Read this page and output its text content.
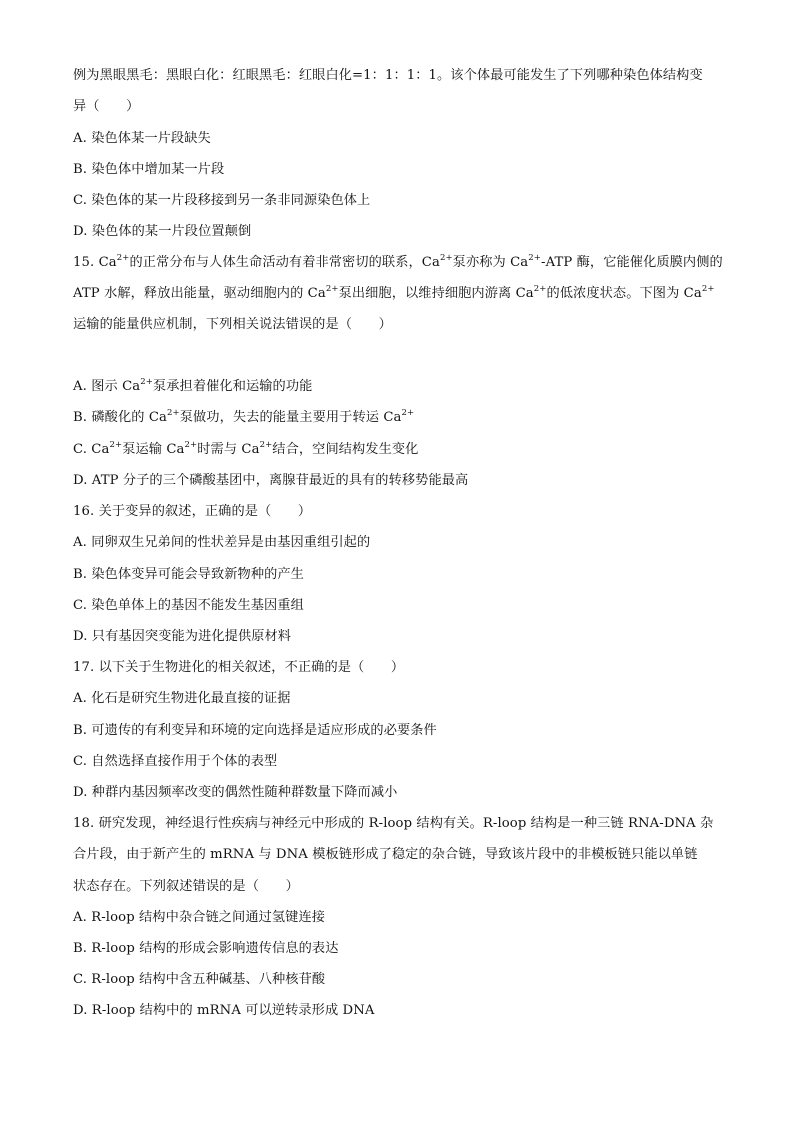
例为黑眼黑毛：黑眼白化：红眼黑毛：红眼白化=1：1：1：1。该个体最可能发生了下列哪种染色体结构变
异（　　）
A. 染色体某一片段缺失
B. 染色体中增加某一片段
C. 染色体的某一片段移接到另一条非同源染色体上
D. 染色体的某一片段位置颠倒
15. $Ca^{2+}$的正常分布与人体生命活动有着非常密切的联系，$Ca^{2+}$泵亦称为 $Ca^{2+}$-ATP 酶，它能催化质膜内侧的
ATP 水解，释放出能量，驱动细胞内的 $Ca^{2+}$泵出细胞，以维持细胞内游离 $Ca^{2+}$的低浓度状态。下图为 $Ca^{2+}$
运输的能量供应机制，下列相关说法错误的是（　　）
A. 图示 $Ca^{2+}$泵承担着催化和运输的功能
B. 磷酸化的 $Ca^{2+}$泵做功，失去的能量主要用于转运 $Ca^{2+}$
C. $Ca^{2+}$泵运输 $Ca^{2+}$时需与 $Ca^{2+}$结合，空间结构发生变化
D. ATP 分子的三个磷酸基团中，离腺苷最近的具有的转移势能最高
16. 关于变异的叙述，正确的是（　　）
A. 同卵双生兄弟间的性状差异是由基因重组引起的
B. 染色体变异可能会导致新物种的产生
C. 染色单体上的基因不能发生基因重组
D. 只有基因突变能为进化提供原材料
17. 以下关于生物进化的相关叙述，不正确的是（　　）
A. 化石是研究生物进化最直接的证据
B. 可遗传的有利变异和环境的定向选择是适应形成的必要条件
C. 自然选择直接作用于个体的表型
D. 种群内基因频率改变的偶然性随种群数量下降而减小
18. 研究发现，神经退行性疾病与神经元中形成的 R-loop 结构有关。R-loop 结构是一种三链 RNA-DNA 杂
合片段，由于新产生的 mRNA 与 DNA 模板链形成了稳定的杂合链，导致该片段中的非模板链只能以单链
状态存在。下列叙述错误的是（　　）
A. R-loop 结构中杂合链之间通过氢键连接
B. R-loop 结构的形成会影响遗传信息的表达
C. R-loop 结构中含五种碱基、八种核苷酸
D. R-loop 结构中的 mRNA 可以逆转录形成 DNA
